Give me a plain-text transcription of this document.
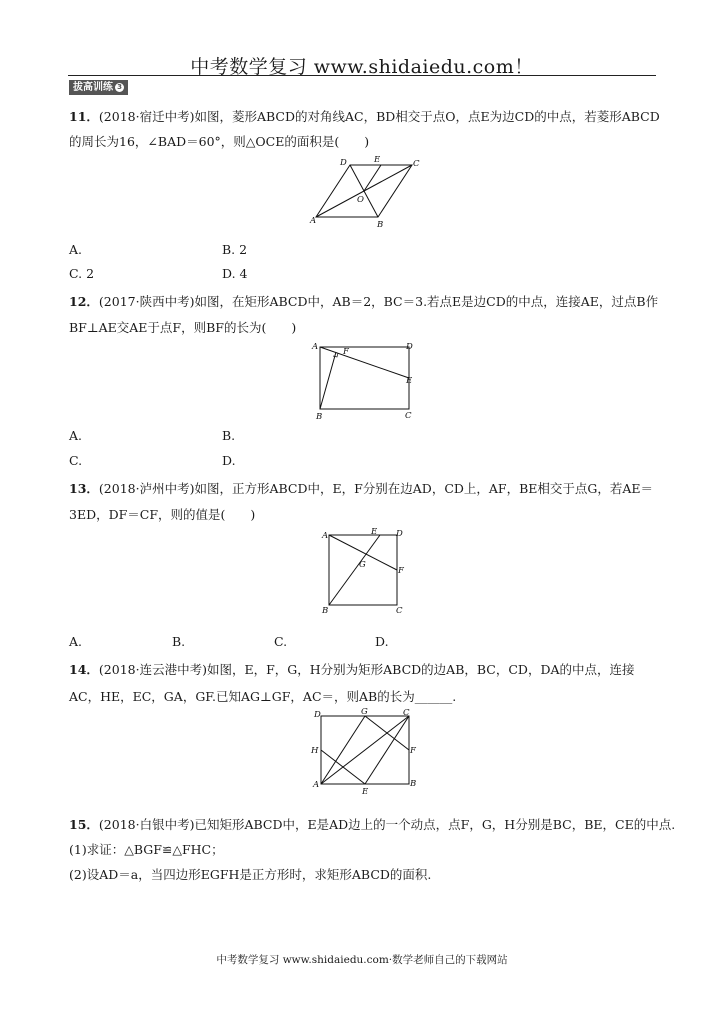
中考数学复习 www.shidaiedu.com！
拔高训练 3
11．(2018·宿迁中考)如图，菱形ABCD的对角线AC，BD相交于点O，点E为边CD的中点，若菱形ABCD
的周长为16，∠BAD＝60°，则△OCE的面积是(　　)
A	B
C
D	E
O
A.	B. 2
C. 2	D. 4
12．(2017·陕西中考)如图，在矩形ABCD中，AB＝2，BC＝3.若点E是边CD的中点，连接AE，过点B作
BF⊥AE交AE于点F，则BF的长为(　　)
A
B	C
D
E
F
A.	B.
C.	D.
13．(2018·泸州中考)如图，正方形ABCD中，E，F分别在边AD，CD上，AF，BE相交于点G，若AE＝
3ED，DF＝CF，则的值是(　　)
A
B	C
D
E
F
G
A.	B.	C.	D.
14．(2018·连云港中考)如图，E，F，G，H分别为矩形ABCD的边AB，BC，CD，DA的中点，连接
AC，HE，EC，GA，GF.已知AG⊥GF，AC＝，则AB的长为______.
D	G	C
H	F
A
E
B
15．(2018·白银中考)已知矩形ABCD中，E是AD边上的一个动点，点F，G，H分别是BC，BE，CE的中点.
(1)求证：△BGF≌△FHC；
(2)设AD＝a，当四边形EGFH是正方形时，求矩形ABCD的面积.
中考数学复习 www.shidaiedu.com·数学老师自己的下载网站
